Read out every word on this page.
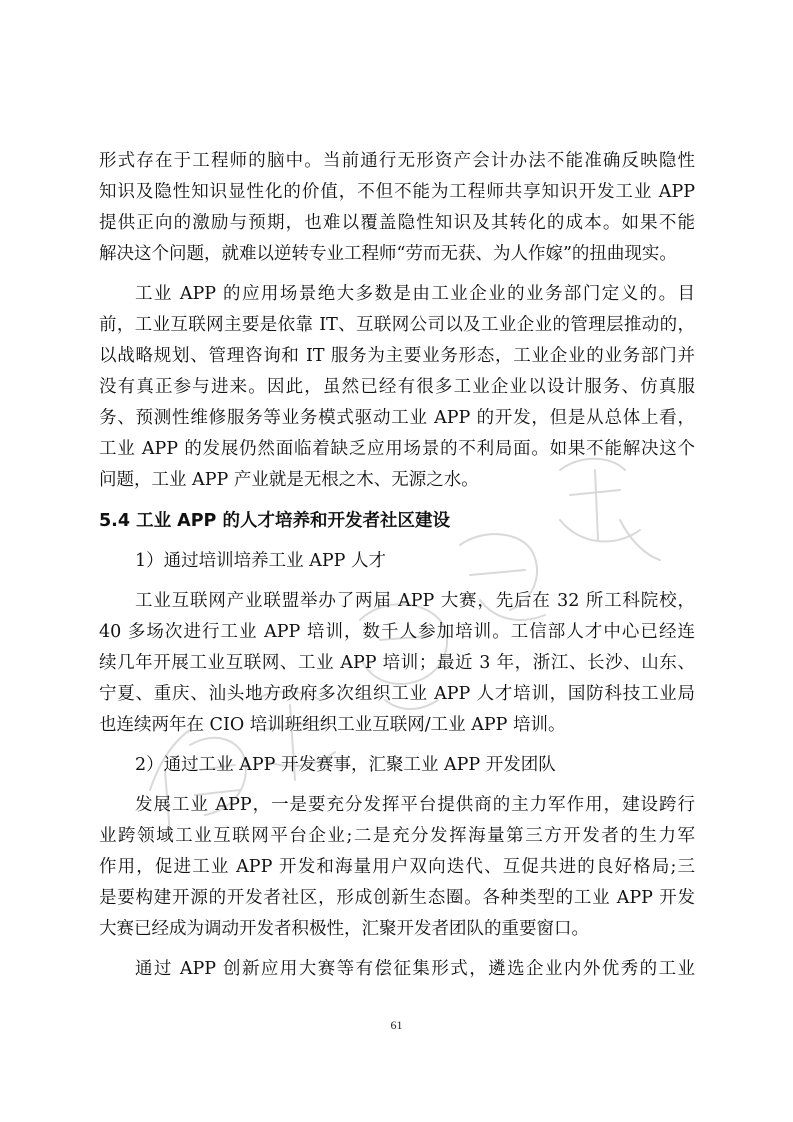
征求意见稿
形式存在于工程师的脑中。当前通行无形资产会计办法不能准确反映隐性
知识及隐性知识显性化的价值，不但不能为工程师共享知识开发工业 APP
提供正向的激励与预期，也难以覆盖隐性知识及其转化的成本。如果不能
解决这个问题，就难以逆转专业工程师“劳而无获、为人作嫁”的扭曲现实。
工业 APP 的应用场景绝大多数是由工业企业的业务部门定义的。目
前，工业互联网主要是依靠 IT、互联网公司以及工业企业的管理层推动的，
以战略规划、管理咨询和 IT 服务为主要业务形态，工业企业的业务部门并
没有真正参与进来。因此，虽然已经有很多工业企业以设计服务、仿真服
务、预测性维修服务等业务模式驱动工业 APP 的开发，但是从总体上看，
工业 APP 的发展仍然面临着缺乏应用场景的不利局面。如果不能解决这个
问题，工业 APP 产业就是无根之木、无源之水。
5.4 工业 APP 的人才培养和开发者社区建设
1）通过培训培养工业 APP 人才
工业互联网产业联盟举办了两届 APP 大赛，先后在 32 所工科院校，
40 多场次进行工业 APP 培训，数千人参加培训。工信部人才中心已经连
续几年开展工业互联网、工业 APP 培训；最近 3 年，浙江、长沙、山东、
宁夏、重庆、汕头地方政府多次组织工业 APP 人才培训，国防科技工业局
也连续两年在 CIO 培训班组织工业互联网/工业 APP 培训。
2）通过工业 APP 开发赛事，汇聚工业 APP 开发团队
发展工业 APP，一是要充分发挥平台提供商的主力军作用，建设跨行
业跨领域工业互联网平台企业;二是充分发挥海量第三方开发者的生力军
作用，促进工业 APP 开发和海量用户双向迭代、互促共进的良好格局;三
是要构建开源的开发者社区，形成创新生态圈。各种类型的工业 APP 开发
大赛已经成为调动开发者积极性，汇聚开发者团队的重要窗口。
通过 APP 创新应用大赛等有偿征集形式，遴选企业内外优秀的工业
61
